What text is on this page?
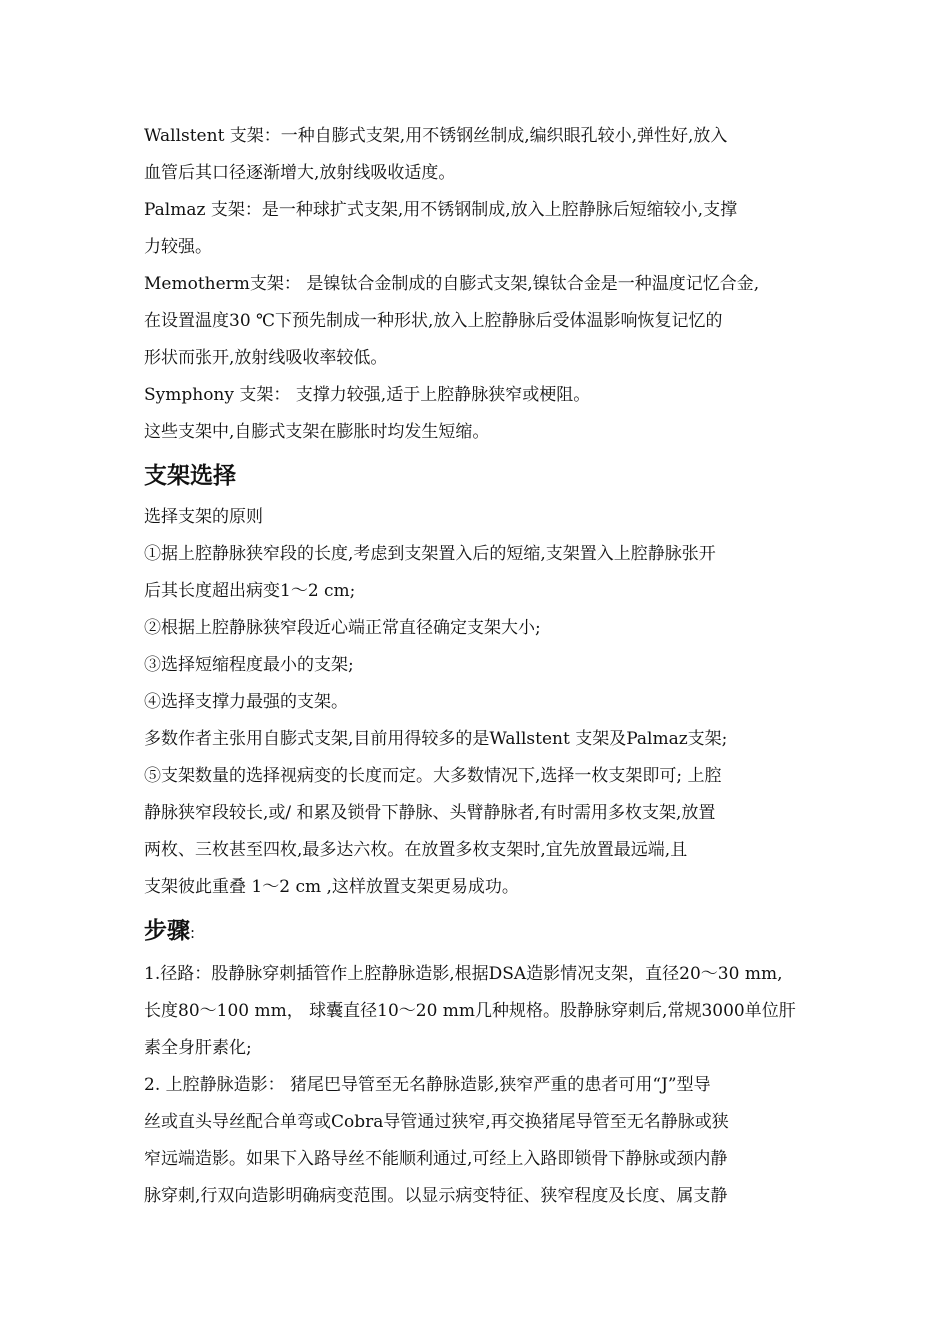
Wallstent 支架：一种自膨式支架,用不锈钢丝制成,编织眼孔较小,弹性好,放入

血管后其口径逐渐增大,放射线吸收适度。

Palmaz 支架：是一种球扩式支架,用不锈钢制成,放入上腔静脉后短缩较小,支撑

力较强。

Memotherm支架： 是镍钛合金制成的自膨式支架,镍钛合金是一种温度记忆合金,

在设置温度30 ℃下预先制成一种形状,放入上腔静脉后受体温影响恢复记忆的

形状而张开,放射线吸收率较低。

Symphony 支架： 支撑力较强,适于上腔静脉狭窄或梗阻。

这些支架中,自膨式支架在膨胀时均发生短缩。

支架选择

选择支架的原则

①据上腔静脉狭窄段的长度,考虑到支架置入后的短缩,支架置入上腔静脉张开

后其长度超出病变1～2 cm;

②根据上腔静脉狭窄段近心端正常直径确定支架大小;

③选择短缩程度最小的支架;

④选择支撑力最强的支架。

多数作者主张用自膨式支架,目前用得较多的是Wallstent 支架及Palmaz支架;

⑤支架数量的选择视病变的长度而定。大多数情况下,选择一枚支架即可; 上腔

静脉狭窄段较长,或/ 和累及锁骨下静脉、头臂静脉者,有时需用多枚支架,放置

两枚、三枚甚至四枚,最多达六枚。在放置多枚支架时,宜先放置最远端,且

支架彼此重叠 1～2 cm ,这样放置支架更易成功。

步骤:

1.径路：股静脉穿刺插管作上腔静脉造影,根据DSA造影情况支架，直径20～30 mm,

长度80～100 mm， 球囊直径10～20 mm几种规格。股静脉穿刺后,常规3000单位肝

素全身肝素化;

2. 上腔静脉造影： 猪尾巴导管至无名静脉造影,狭窄严重的患者可用“J”型导

丝或直头导丝配合单弯或Cobra导管通过狭窄,再交换猪尾导管至无名静脉或狭

窄远端造影。如果下入路导丝不能顺利通过,可经上入路即锁骨下静脉或颈内静

脉穿刺,行双向造影明确病变范围。以显示病变特征、狭窄程度及长度、属支静
